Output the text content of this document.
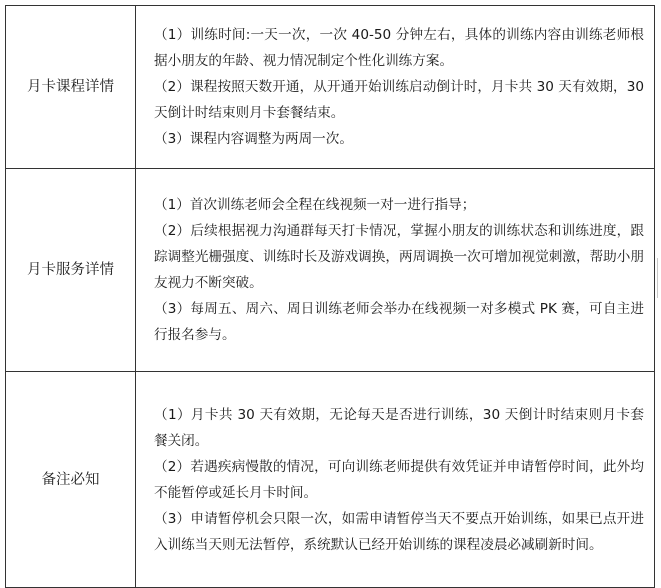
月卡课程详情	（1）训练时间:一天一次，一次 40-50 分钟左右，具体的训练内容由训练老师根据小朋友的年龄、视力情况制定个性化训练方案。
（2）课程按照天数开通，从开通开始训练启动倒计时，月卡共 30 天有效期，30 天倒计时结束则月卡套餐结束。
（3）课程内容调整为两周一次。

月卡服务详情	（1）首次训练老师会全程在线视频一对一进行指导；
（2）后续根据视力沟通群每天打卡情况，掌握小朋友的训练状态和训练进度，跟踪调整光栅强度、训练时长及游戏调换，两周调换一次可增加视觉刺激，帮助小朋友视力不断突破。
（3）每周五、周六、周日训练老师会举办在线视频一对多模式 PK 赛，可自主进行报名参与。

备注必知	（1）月卡共 30 天有效期，无论每天是否进行训练，30 天倒计时结束则月卡套餐关闭。
（2）若遇疾病慢散的情况，可向训练老师提供有效凭证并申请暂停时间，此外均不能暂停或延长月卡时间。
（3）申请暂停机会只限一次，如需申请暂停当天不要点开始训练，如果已点开进入训练当天则无法暂停，系统默认已经开始训练的课程凌晨必减刷新时间。
